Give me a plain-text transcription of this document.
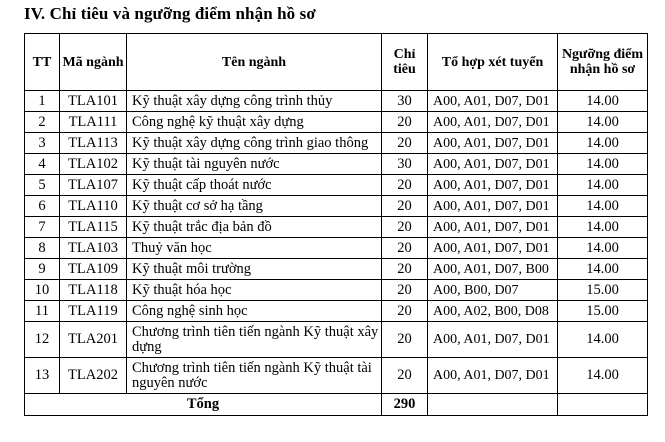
IV. Chỉ tiêu và ngưỡng điểm nhận hồ sơ
TT	Mã ngành	Tên ngành	Chỉ tiêu	Tổ hợp xét tuyển	Ngưỡng điểm nhận hồ sơ
1	TLA101	Kỹ thuật xây dựng công trình thủy	30	A00, A01, D07, D01	14.00
2	TLA111	Công nghệ kỹ thuật xây dựng	20	A00, A01, D07, D01	14.00
3	TLA113	Kỹ thuật xây dựng công trình giao thông	20	A00, A01, D07, D01	14.00
4	TLA102	Kỹ thuật tài nguyên nước	30	A00, A01, D07, D01	14.00
5	TLA107	Kỹ thuật cấp thoát nước	20	A00, A01, D07, D01	14.00
6	TLA110	Kỹ thuật cơ sở hạ tầng	20	A00, A01, D07, D01	14.00
7	TLA115	Kỹ thuật trắc địa bản đồ	20	A00, A01, D07, D01	14.00
8	TLA103	Thuỷ văn học	20	A00, A01, D07, D01	14.00
9	TLA109	Kỹ thuật môi trường	20	A00, A01, D07, B00	14.00
10	TLA118	Kỹ thuật hóa học	20	A00, B00, D07	15.00
11	TLA119	Công nghệ sinh học	20	A00, A02, B00, D08	15.00
12	TLA201	Chương trình tiên tiến ngành Kỹ thuật xây dựng	20	A00, A01, D07, D01	14.00
13	TLA202	Chương trình tiên tiến ngành Kỹ thuật tài nguyên nước	20	A00, A01, D07, D01	14.00
Tổng			290		
